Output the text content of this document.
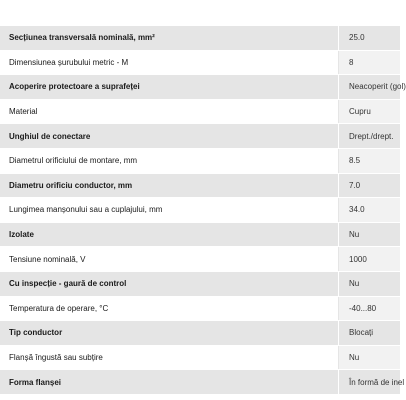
Secțiunea transversală nominală, mm²	25.0
Dimensiunea șurubului metric - M	8
Acoperire protectoare a suprafeței	Neacoperit (gol)
Material	Cupru
Unghiul de conectare	Drept./drept.
Diametrul orificiului de montare, mm	8.5
Diametru orificiu conductor, mm	7.0
Lungimea manșonului sau a cuplajului, mm	34.0
Izolate	Nu
Tensiune nominală, V	1000
Cu inspecție - gaură de control	Nu
Temperatura de operare, °C	-40...80
Tip conductor	Blocați
Flanșă îngustă sau subțire	Nu
Forma flanșei	În formă de inel
